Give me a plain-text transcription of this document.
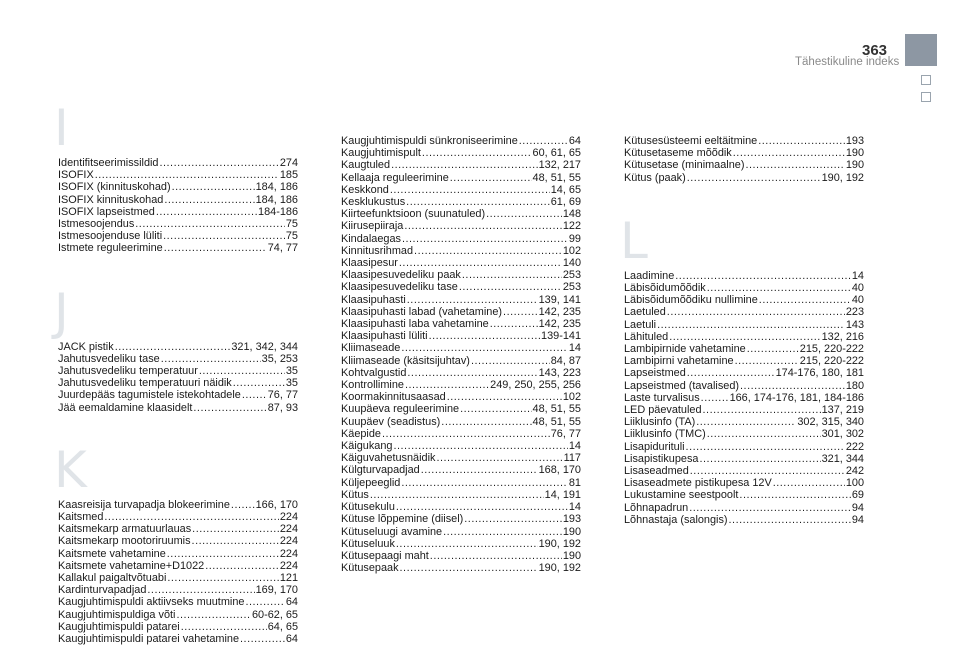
363
Tähestikuline indeks
I
Identifitseerimissildid .....	274
ISOFIX .....	185
ISOFIX (kinnituskohad) .....	184, 186
ISOFIX kinnituskohad .....	184, 186
ISOFIX lapseistmed .....	184-186
Istmesoojendus .....	75
Istmesoojenduse lüliti .....	75
Istmete reguleerimine .....	74, 77
J
JACK pistik .....	321, 342, 344
Jahutusvedeliku tase .....	35, 253
Jahutusvedeliku temperatuur .....	35
Jahutusvedeliku temperatuuri näidik .....	35
Juurdepääs tagumistele istekohtadele ..... 76, 77
Jää eemaldamine klaasidelt .....	87, 93
K
Kaasreisija turvapadja blokeerimine ..... 166, 170
Kaitsmed .....	224
Kaitsmekarp armatuurlauas .....	224
Kaitsmekarp mootoriruumis .....	224
Kaitsmete vahetamine .....	224
Kaitsmete vahetamine+D1022 .....	224
Kallakul paigaltvõtuabi .....	121
Kardinturvapadjad .....	169, 170
Kaugjuhtimispuldi aktiivseks muutmine .....	64
Kaugjuhtimispuldiga võti .....	60-62, 65
Kaugjuhtimispuldi patarei .....	64, 65
Kaugjuhtimispuldi patarei vahetamine .....	64
Kaugjuhtimispuldi sünkroniseerimine .....	64
Kaugjuhtimispult .....	60, 61, 65
Kaugtuled .....	132, 217
Kellaaja reguleerimine .....	48, 51, 55
Keskkond .....	14, 65
Kesklukustus .....	61, 69
Kiirteefunktsioon (suunatuled) .....	148
Kiirusepiiraja .....	122
Kindalaegas .....	99
Kinnitusrihmad .....	102
Klaasipesur .....	140
Klaasipesuvedeliku paak .....	253
Klaasipesuvedeliku tase .....	253
Klaasipuhasti .....	139, 141
Klaasipuhasti labad (vahetamine) .....	142, 235
Klaasipuhasti laba vahetamine .....	142, 235
Klaasipuhasti lüliti .....	139-141
Kliimaseade .....	14
Kliimaseade (käsitsijuhtav) .....	84, 87
Kohtvalgustid .....	143, 223
Kontrollimine .....	249, 250, 255, 256
Koormakinnitusaasad .....	102
Kuupäeva reguleerimine .....	48, 51, 55
Kuupäev (seadistus) .....	48, 51, 55
Käepide .....	76, 77
Käigukang .....	14
Käiguvahetusnäidik .....	117
Külgturvapadjad .....	168, 170
Küljepeeglid .....	81
Kütus .....	14, 191
Kütusekulu .....	14
Kütuse lõppemine (diisel) .....	193
Kütuseluugi avamine .....	190
Kütuseluuk .....	190, 192
Kütusepaagi maht .....	190
Kütusepaak .....	190, 192
Kütusesüsteemi eeltäitmine .....	193
Kütusetaseme mõõdik .....	190
Kütusetase (minimaalne) .....	190
Kütus (paak) .....	190, 192
L
Laadimine .....	14
Läbisõidumõõdik .....	40
Läbisõidumõõdiku nullimine .....	40
Laetuled .....	223
Laetuli .....	143
Lähituled .....	132, 216
Lambipirnide vahetamine .....	215, 220-222
Lambipirni vahetamine .....	215, 220-222
Lapseistmed .....	174-176, 180, 181
Lapseistmed (tavalised) .....	180
Laste turvalisus .....	166, 174-176, 181, 184-186
LED päevatuled .....	137, 219
Liiklusinfo (TA) .....	302, 315, 340
Liiklusinfo (TMC) .....	301, 302
Lisapidurituli .....	222
Lisapistikupesa .....	321, 344
Lisaseadmed .....	242
Lisaseadmete pistikupesa 12V .....	100
Lukustamine seestpoolt .....	69
Lõhnapadrun .....	94
Lõhnastaja (salongis) .....	94
